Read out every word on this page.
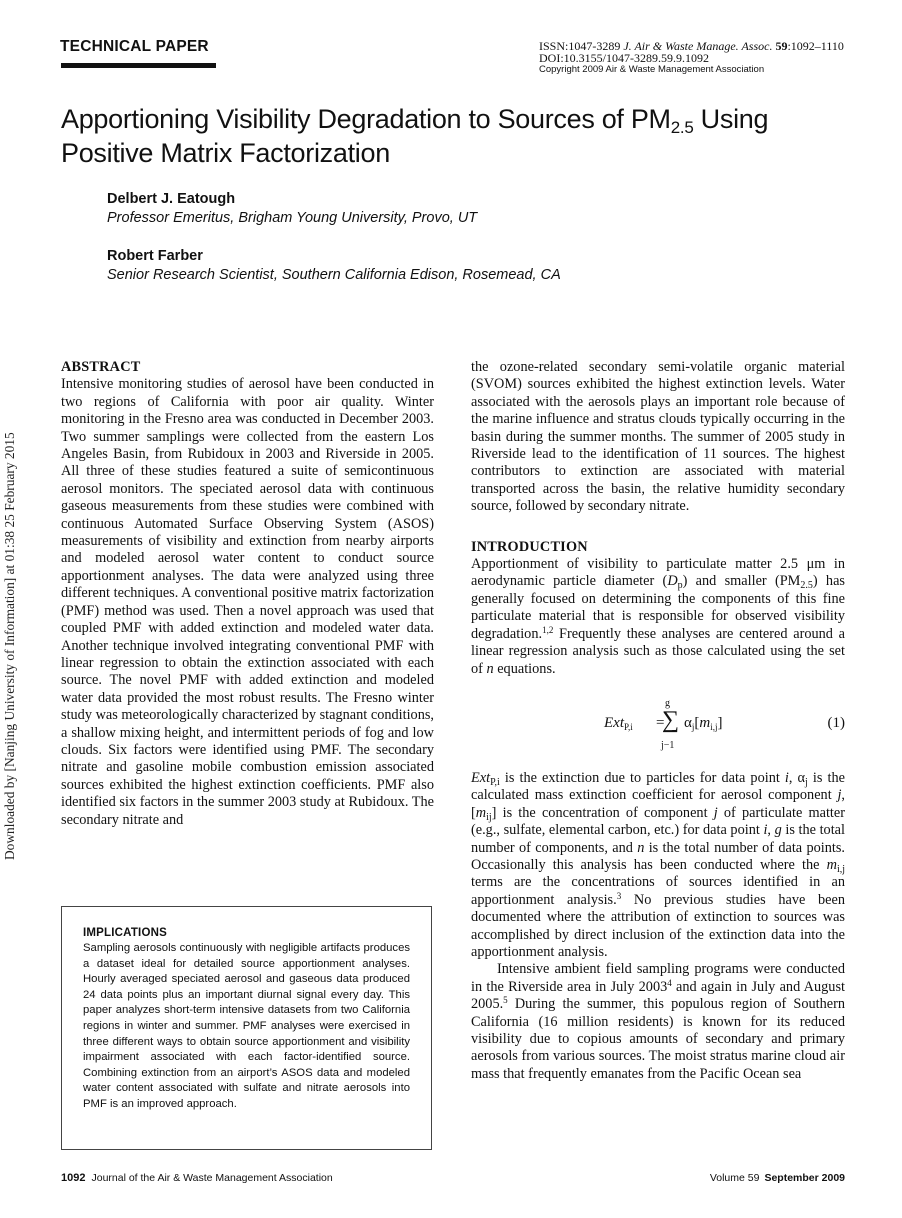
TECHNICAL PAPER	ISSN:1047-3289 J. Air & Waste Manage. Assoc. 59:1092–1110
DOI:10.3155/1047-3289.59.9.1092
Copyright 2009 Air & Waste Management Association
Apportioning Visibility Degradation to Sources of $PM_{2.5}$ Using
Positive Matrix Factorization
Delbert J. Eatough
Professor Emeritus, Brigham Young University, Provo, UT
Robert Farber
Senior Research Scientist, Southern California Edison, Rosemead, CA
Downloaded by [Nanjing University of Information] at 01:38 25 February 2015
ABSTRACT

Intensive monitoring studies of aerosol have been conducted in two regions of California with poor air quality. Winter monitoring in the Fresno area was conducted in December 2003. Two summer samplings were collected from the eastern Los Angeles Basin, from Rubidoux in 2003 and Riverside in 2005. All three of these studies featured a suite of semicontinuous aerosol monitors. The speciated aerosol data with continuous gaseous measurements from these studies were combined with continuous Automated Surface Observing System (ASOS) measurements of visibility and extinction from nearby airports and modeled aerosol water content to conduct source apportionment analyses. The data were analyzed using three different techniques. A conventional positive matrix factorization (PMF) method was used. Then a novel approach was used that coupled PMF with added extinction and modeled water data. Another technique involved integrating conventional PMF with linear regression to obtain the extinction associated with each source. The novel PMF with added extinction and modeled water data provided the most robust results. The Fresno winter study was meteorologically characterized by stagnant conditions, a shallow mixing height, and intermittent periods of fog and low clouds. Six factors were identified using PMF. The secondary nitrate and gasoline mobile combustion emission associated sources exhibited the highest extinction coefficients. PMF also identified six factors in the summer 2003 study at Rubidoux. The secondary nitrate and

IMPLICATIONS

Sampling aerosols continuously with negligible artifacts produces a dataset ideal for detailed source apportionment analyses. Hourly averaged speciated aerosol and gaseous data produced 24 data points plus an important diurnal signal every day. This paper analyzes short-term intensive datasets from two California regions in winter and summer. PMF analyses were exercised in three different ways to obtain source apportionment and visibility impairment associated with each factor-identified source. Combining extinction from an airport’s ASOS data and modeled water content associated with sulfate and nitrate aerosols into PMF is an improved approach.

the ozone-related secondary semi-volatile organic material (SVOM) sources exhibited the highest extinction levels. Water associated with the aerosols plays an important role because of the marine influence and stratus clouds typically occurring in the basin during the summer months. The summer of 2005 study in Riverside lead to the identification of 11 sources. The highest contributors to extinction are associated with material transported across the basin, the relative humidity secondary source, followed by secondary nitrate.

INTRODUCTION

Apportionment of visibility to particulate matter 2.5 μm in aerodynamic particle diameter $(D_p)$ and smaller $(PM_{2.5})$ has generally focused on determining the components of this fine particulate material that is responsible for observed visibility degradation.$^{1,2}$ Frequently these analyses are centered around a linear regression analysis such as those calculated using the set of n equations.

Ext$_{P,i}$ =
g
∑
j−1
$\alpha_j[m_{i,j}]$	(1)

Ext$_{P,i}$ is the extinction due to particles for data point i, $\alpha_j$ is the calculated mass extinction coefficient for aerosol component j, $[m_{ij}]$ is the concentration of component j of particulate matter (e.g., sulfate, elemental carbon, etc.) for data point i, g is the total number of components, and n is the total number of data points. Occasionally this analysis has been conducted where the $m_{i,j}$ terms are the concentrations of sources identified in an apportionment analysis.$^3$ No previous studies have been documented where the attribution of extinction to sources was accomplished by direct inclusion of the extinction data into the apportionment analysis.

Intensive ambient field sampling programs were conducted in the Riverside area in July 2003$^4$ and again in July and August 2005.$^5$ During the summer, this populous region of Southern California (16 million residents) is known for its reduced visibility due to copious amounts of secondary and primary aerosols from various sources. The moist stratus marine cloud air mass that frequently emanates from the Pacific Ocean sea

1092 Journal of the Air & Waste Management Association	Volume 59 September 2009
